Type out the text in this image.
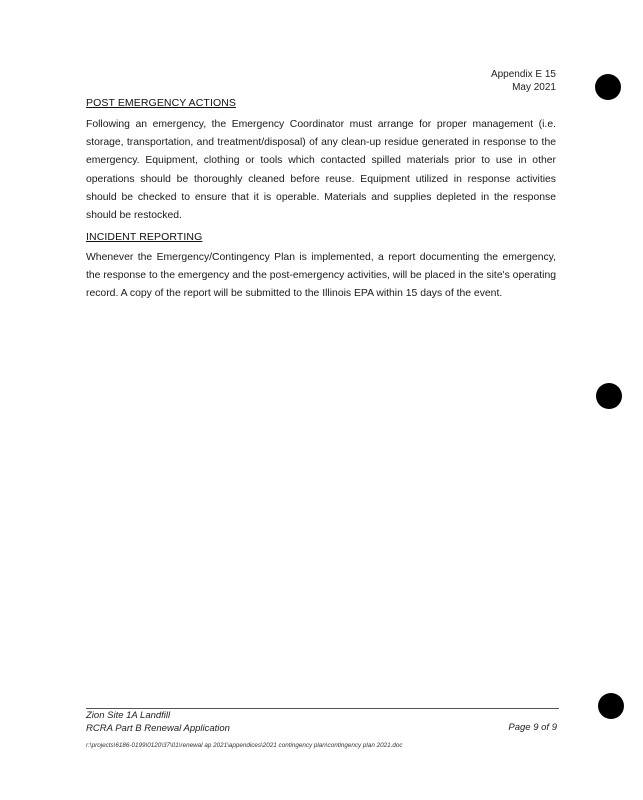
Appendix E 15
May 2021
POST EMERGENCY ACTIONS
Following an emergency, the Emergency Coordinator must arrange for proper management (i.e. storage, transportation, and treatment/disposal) of any clean-up residue generated in response to the emergency. Equipment, clothing or tools which contacted spilled materials prior to use in other operations should be thoroughly cleaned before reuse. Equipment utilized in response activities should be checked to ensure that it is operable. Materials and supplies depleted in the response should be restocked.
INCIDENT REPORTING
Whenever the Emergency/Contingency Plan is implemented, a report documenting the emergency, the response to the emergency and the post-emergency activities, will be placed in the site's operating record. A copy of the report will be submitted to the Illinois EPA within 15 days of the event.
Zion Site 1A Landfill
RCRA Part B Renewal Application	Page 9 of 9
r:\projects\6186-0199\0120\37\01\renewal ap 2021\appendices\2021 contingency plan\contingency plan 2021.doc
